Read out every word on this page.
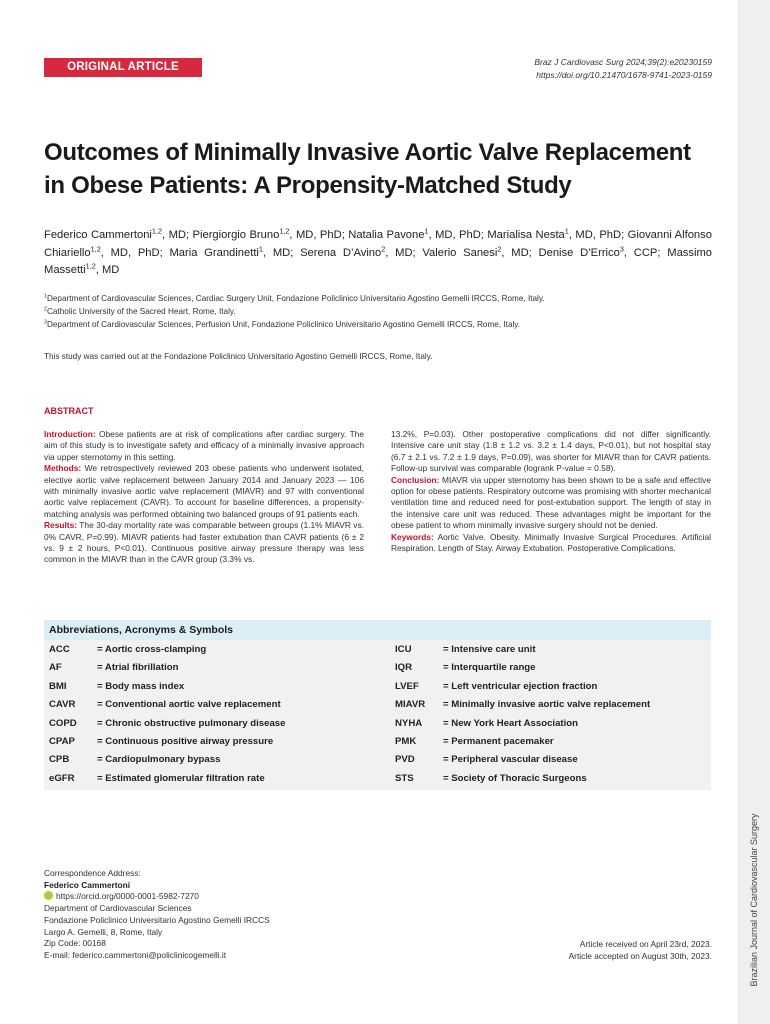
Brazilian Journal of Cardiovascular Surgery
ORIGINAL ARTICLE	Braz J Cardiovasc Surg 2024;39(2):e20230159
https://doi.org/10.21470/1678-9741-2023-0159
Outcomes of Minimally Invasive Aortic Valve Replacement
in Obese Patients: A Propensity-Matched Study
Federico Cammertoni$^{1,2}$, MD; Piergiorgio Bruno$^{1,2}$, MD, PhD; Natalia Pavone$^1$, MD, PhD; Marialisa Nesta$^1$, MD, PhD; Giovanni Alfonso Chiariello$^{1,2}$, MD, PhD; Maria Grandinetti$^1$, MD; Serena D’Avino$^2$, MD; Valerio Sanesi$^2$, MD; Denise D’Errico$^3$, CCP; Massimo Massetti$^{1,2}$, MD
$^1$Department of Cardiovascular Sciences, Cardiac Surgery Unit, Fondazione Policlinico Universitario Agostino Gemelli IRCCS, Rome, Italy.
$^2$Catholic University of the Sacred Heart, Rome, Italy.
$^3$Department of Cardiovascular Sciences, Perfusion Unit, Fondazione Policlinico Universitario Agostino Gemelli IRCCS, Rome, Italy.
This study was carried out at the Fondazione Policlinico Universitario Agostino Gemelli IRCCS, Rome, Italy.
ABSTRACT

Introduction: Obese patients are at risk of complications after cardiac surgery. The aim of this study is to investigate safety and efficacy of a minimally invasive approach via upper sternotomy in this setting.

Methods: We retrospectively reviewed 203 obese patients who underwent isolated, elective aortic valve replacement between January 2014 and January 2023 — 106 with minimally invasive aortic valve replacement (MIAVR) and 97 with conventional aortic valve replacement (CAVR). To account for baseline differences, a propensity-matching analysis was performed obtaining two balanced groups of 91 patients each.

Results: The 30-day mortality rate was comparable between groups (1.1% MIAVR vs. 0% CAVR, P=0.99). MIAVR patients had faster extubation than CAVR patients (6 ± 2 vs. 9 ± 2 hours, P<0.01). Continuous positive airway pressure therapy was less common in the MIAVR than in the CAVR group (3.3% vs.

13.2%, P=0.03). Other postoperative complications did not differ significantly. Intensive care unit stay (1.8 ± 1.2 vs. 3.2 ± 1.4 days, P<0.01), but not hospital stay (6.7 ± 2.1 vs. 7.2 ± 1.9 days, P=0.09), was shorter for MIAVR than for CAVR patients. Follow-up survival was comparable (logrank P-value = 0.58).

Conclusion: MIAVR via upper sternotomy has been shown to be a safe and effective option for obese patients. Respiratory outcome was promising with shorter mechanical ventilation time and reduced need for post-extubation support. The length of stay in the intensive care unit was reduced. These advantages might be important for the obese patient to whom minimally invasive surgery should not be denied.

Keywords: Aortic Valve. Obesity. Minimally Invasive Surgical Procedures. Artificial Respiration. Length of Stay. Airway Extubation. Postoperative Complications.

Abbreviations, Acronyms & Symbols
ACC	= Aortic cross-clamping
AF	= Atrial fibrillation
BMI	= Body mass index
CAVR = Conventional aortic valve replacement
COPD = Chronic obstructive pulmonary disease
CPAP = Continuous positive airway pressure
CPB	= Cardiopulmonary bypass
eGFR = Estimated glomerular filtration rate
ICU	= Intensive care unit
IQR	= Interquartile range
LVEF	= Left ventricular ejection fraction
MIAVR = Minimally invasive aortic valve replacement
NYHA = New York Heart Association
PMK	= Permanent pacemaker
PVD	= Peripheral vascular disease
STS	= Society of Thoracic Surgeons
Correspondence Address:
Federico Cammertoni
https://orcid.org/0000-0001-5982-7270
Department of Cardiovascular Sciences
Fondazione Policlinico Universitario Agostino Gemelli IRCCS
Largo A. Gemelli, 8, Rome, Italy
Zip Code: 00168
E-mail: federico.cammertoni@policlinicogemelli.it
Article received on April 23rd, 2023.
Article accepted on August 30th, 2023.
